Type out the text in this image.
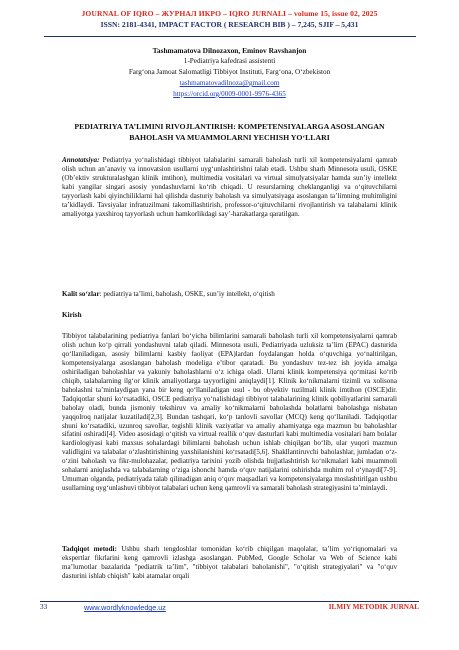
JOURNAL OF IQRO – ЖУРНАЛ ИКРО – IQRO JURNALI – volume 15, issue 02, 2025
ISSN: 2181-4341, IMPACT FACTOR ( RESEARCH BIB ) – 7,245, SJIF – 5,431
Tashmamatova Dilnozaxon, Eminov Ravshanjon
1-Pediatriya kafedrasi assistenti
Farg‘ona Jamoat Salomatligi Tibbiyot Instituti, Farg‘ona, O‘zbekiston
tashmamatovadilnoza@gmail.com
https://orcid.org/0009-0001-9976-4365
PEDIATRIYA TA’LIMINI RIVOJLANTIRISH: KOMPETENSIYALARGA ASOSLANGAN BAHOLASH VA MUAMMOLARNI YECHISH YO‘LLARI
Annotatsiya: Pediatriya yo‘nalishidagi tibbiyot talabalarini samarali baholash turli xil kompetensiyalarni qamrab olish uchun an’anaviy va innovatsion usullarni uyg‘unlashtirishni talab etadi. Ushbu sharh Minnesota usuli, OSKE (Ob’ektiv strukturalashgan klinik imtihon), multimedia vositalari va virtual simulyatsiyalar hamda sun’iy intellekt kabi yangilar singari asosiy yondashuvlarni ko‘rib chiqadi. U resurslarning cheklanganligi va o‘qituvchilarni tayyorlash kabi qiyinchiliklarni hal qilishda dasturiy baholash va simulyatsiyaga asoslangan ta’limning muhimligini ta’kidlaydi. Tavsiyalar infratuzilmani takomillashtirish, professor-o‘qituvchilarni rivojlantirish va talabalarni klinik amaliyotga yaxshiroq tayyorlash uchun hamkorlikdagi say’-harakatlarga qaratilgan.
Kalit so‘zlar: pediatriya ta’limi, baholash, OSKE, sun’iy intellekt, o‘qitish
Kirish
Tibbiyot talabalarining pediatriya fanlari bo‘yicha bilimlarini samarali baholash turli xil kompetensiyalarni qamrab olish uchun ko‘p qirrali yondashuvni talab qiladi. Minnesota usuli, Pediatriyada uzluksiz ta’lim (EPAC) dasturida qo‘llaniladigan, asosiy bilimlarni kasbiy faoliyat (EPA)lardan foydalangan holda o‘quvchiga yo‘naltirilgan, kompetensiyalarga asoslangan baholash modeliga e’tibor qaratadi. Bu yondashuv tez-tez ish joyida amalga oshiriladigan baholashlar va yakuniy baholashlarni o‘z ichiga oladi. Ularni klinik kompetensiya qo‘mitasi ko‘rib chiqib, talabalarning ilg‘or klinik amaliyotlarga tayyorligini aniqlaydi[1]. Klinik ko‘nikmalarni tizimli va xolisona baholashni ta’minlaydigan yana bir keng qo‘llaniladigan usul - bu obyektiv tuzilmali klinik imtihon (OSCE)dir. Tadqiqotlar shuni ko‘rsatadiki, OSCE pediatriya yo‘nalishidagi tibbiyot talabalarining klinik qobiliyatlarini samarali baholay oladi, bunda jismoniy tekshiruv va amaliy ko‘nikmalarni baholashda holatlarni baholashga nisbatan yaqqolroq natijalar kuzatiladi[2,3]. Bundan tashqari, ko‘p tanlovli savollar (MCQ) keng qo‘llaniladi. Tadqiqotlar shuni ko‘rsatadiki, uzunroq savollar, tegishli klinik vaziyatlar va amaliy ahamiyatga ega mazmun bu baholashlar sifatini oshiradi[4]. Video asosidagi o‘qitish va virtual reallik o‘quv dasturlari kabi multimedia vositalari ham bolalar kardiologiyasi kabi maxsus sohalardagi bilimlarni baholash uchun ishlab chiqilgan bo‘lib, ular yuqori mazmun validligini va talabalar o‘zlashtirishining yaxshilanishini ko‘rsatadi[5,6]. Shakllantiruvchi baholashlar, jumladan o‘z-o‘zini baholash va fikr-mulohazalar, pediatriya tarixini yozib olishda hujjatlashtirish ko‘nikmalari kabi muammoli sohalarni aniqlashda va talabalarning o‘ziga ishonchi hamda o‘quv natijalarini oshirishda muhim rol o‘ynaydi[7-9]. Umuman olganda, pediatriyada talab qilinadigan aniq o‘quv maqsadlari va kompetensiyalarga moslashtirilgan ushbu usullarning uyg‘unlashuvi tibbiyot talabalari uchun keng qamrovli va samarali baholash strategiyasini ta’minlaydi.
Tadqiqot metodi: Ushbu sharh tengdoshlar tomonidan ko‘rib chiqilgan maqolalar, ta’lim yo‘riqnomalari va ekspertlar fikrlarini keng qamrovli izlashga asoslangan. PubMed, Google Scholar va Web of Science kabi ma’lumotlar bazalarida "pediatrik ta’lim", "tibbiyot talabalari baholanishi", "o‘qitish strategiyalari" va "o‘quv dasturini ishlab chiqish" kabi atamalar orqali
33	www.wordlyknowledge.uz	ILMIY METODIK JURNAL
